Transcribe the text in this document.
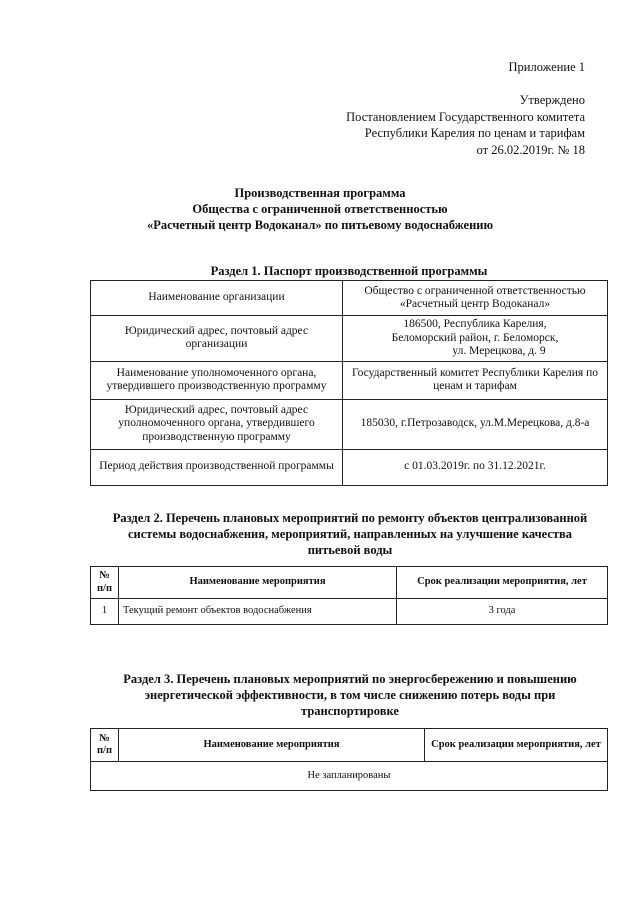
Приложение 1
Утверждено
Постановлением Государственного комитета
Республики Карелия по ценам и тарифам
от 26.02.2019г. № 18
Производственная программа
Общества с ограниченной ответственностью
«Расчетный центр Водоканал» по питьевому водоснабжению
Раздел 1. Паспорт производственной программы
Наименование организации	Общество с ограниченной ответственностью «Расчетный центр Водоканал»
Юридический адрес, почтовый адрес организации	186500, Республика Карелия,
Беломорский район, г. Беломорск,
ул. Мерецкова, д. 9

Наименование уполномоченного органа, утвердившего производственную программу	Государственный комитет Республики Карелия по ценам и тарифам
Юридический адрес, почтовый адрес уполномоченного органа, утвердившего производственную программу	185030, г.Петрозаводск, ул.М.Мерецкова, д.8-а
Период действия производственной программы	с 01.03.2019г. по 31.12.2021г.
Раздел 2. Перечень плановых мероприятий по ремонту объектов централизованной
системы водоснабжения, мероприятий, направленных на улучшение качества
питьевой воды
№ п/п	Наименование мероприятия	Срок реализации мероприятия, лет
1	Текущий ремонт объектов водоснабжения	3 года
Раздел 3. Перечень плановых мероприятий по энергосбережению и повышению
энергетической эффективности, в том числе снижению потерь воды при
транспортировке
№ п/п	Наименование мероприятия	Срок реализации мероприятия, лет
Не запланированы
